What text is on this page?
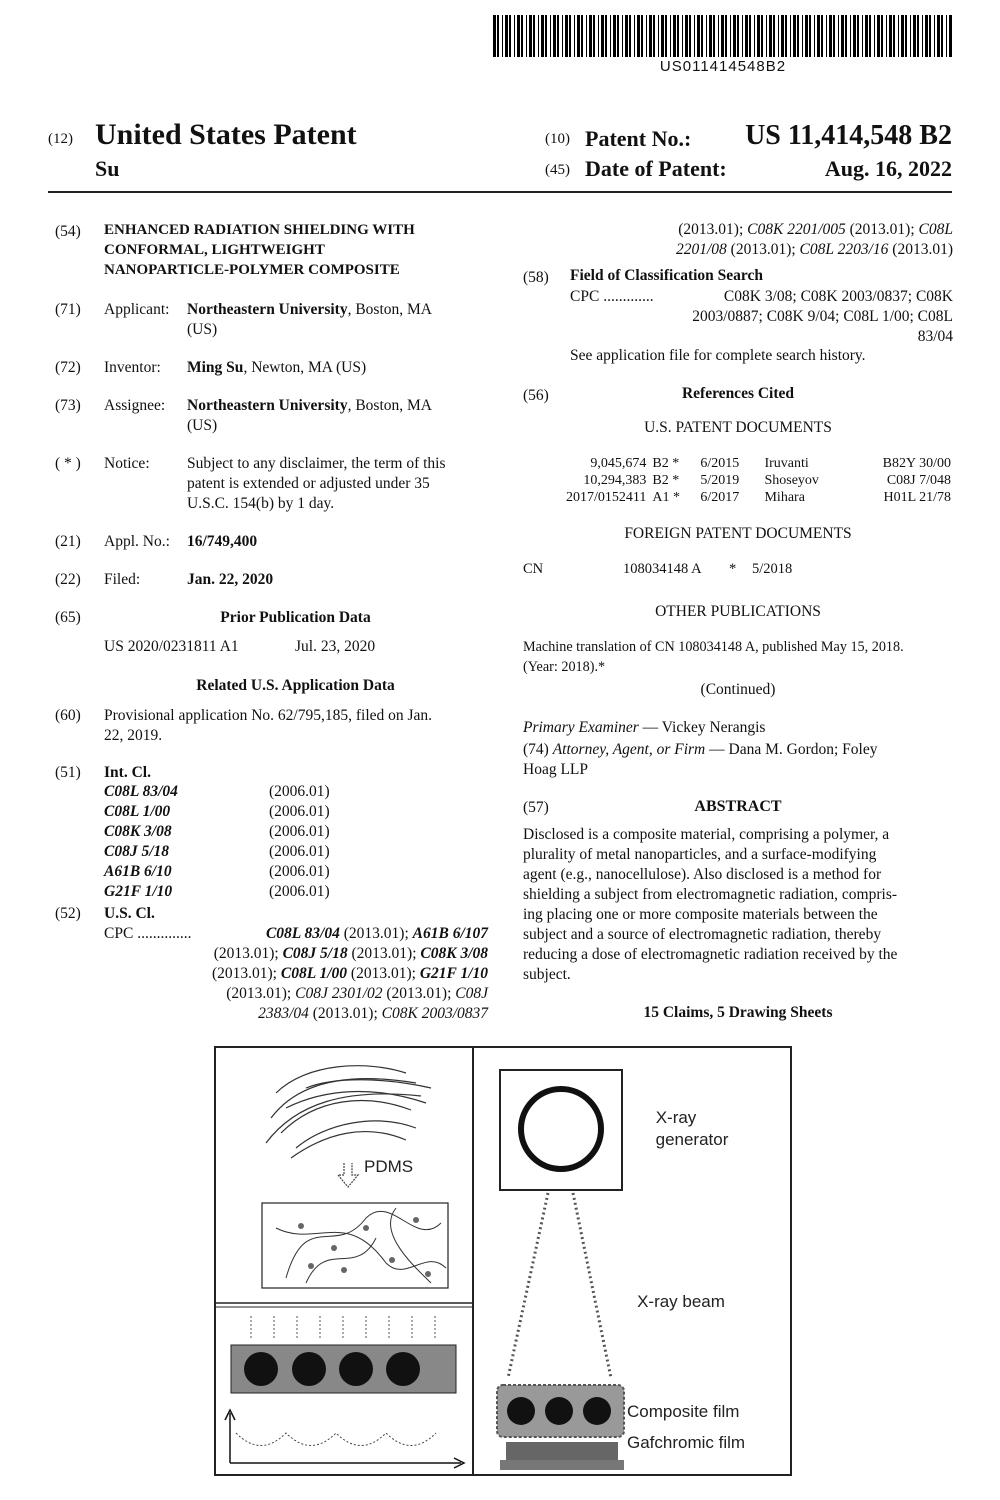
US011414548B2
(12) United States Patent
Su
(10) Patent No.: US 11,414,548 B2
(45) Date of Patent:	Aug. 16, 2022
(54) ENHANCED RADIATION SHIELDING WITH
CONFORMAL, LIGHTWEIGHT
NANOPARTICLE-POLYMER COMPOSITE
(71) Applicant: Northeastern University, Boston, MA
(US)
(72) Inventor: Ming Su, Newton, MA (US)
(73) Assignee: Northeastern University, Boston, MA
(US)
( * ) Notice: Subject to any disclaimer, the term of this
patent is extended or adjusted under 35
U.S.C. 154(b) by 1 day.
(21) Appl. No.: 16/749,400
(22) Filed:	Jan. 22, 2020
(65)	Prior Publication Data
US 2020/0231811 A1	Jul. 23, 2020
Related U.S. Application Data
(60) Provisional application No. 62/795,185, filed on Jan.
22, 2019.
(51) Int. Cl.
C08L 83/04	(2006.01)
C08L 1/00	(2006.01)
C08K 3/08	(2006.01)
C08J 5/18	(2006.01)
A61B 6/10	(2006.01)
G21F 1/10	(2006.01)
(52) U.S. Cl.
CPC ..............	C08L 83/04 (2013.01); A61B 6/107
(2013.01); C08J 5/18 (2013.01); C08K 3/08
(2013.01); C08L 1/00 (2013.01); G21F 1/10
(2013.01); C08J 2301/02 (2013.01); C08J
2383/04 (2013.01); C08K 2003/0837
(2013.01); C08K 2201/005 (2013.01); C08L
2201/08 (2013.01); C08L 2203/16 (2013.01)
(58) Field of Classification Search
CPC .............	C08K 3/08; C08K 2003/0837; C08K
2003/0887; C08K 9/04; C08L 1/00; C08L
83/04
See application file for complete search history.
(56)	References Cited
U.S. PATENT DOCUMENTS
9,045,674	B2 *	6/2015	Iruvanti	B82Y 30/00
10,294,383	B2 *	5/2019	Shoseyov	C08J 7/048
2017/0152411	A1 *	6/2017	Mihara	H01L 21/78
FOREIGN PATENT DOCUMENTS
CN	108034148 A * 5/2018
OTHER PUBLICATIONS
Machine translation of CN 108034148 A, published May 15, 2018.
(Year: 2018).*
(Continued)
Primary Examiner — Vickey Nerangis
(74) Attorney, Agent, or Firm — Dana M. Gordon; Foley
Hoag LLP
(57)	ABSTRACT
Disclosed is a composite material, comprising a polymer, a
plurality of metal nanoparticles, and a surface-modifying
agent (e.g., nanocellulose). Also disclosed is a method for
shielding a subject from electromagnetic radiation, compris-
ing placing one or more composite materials between the
subject and a source of electromagnetic radiation, thereby
reducing a dose of electromagnetic radiation received by the
subject.
15 Claims, 5 Drawing Sheets
PDMS
X-ray
generator
X-ray beam
Composite film
Gafchromic film
